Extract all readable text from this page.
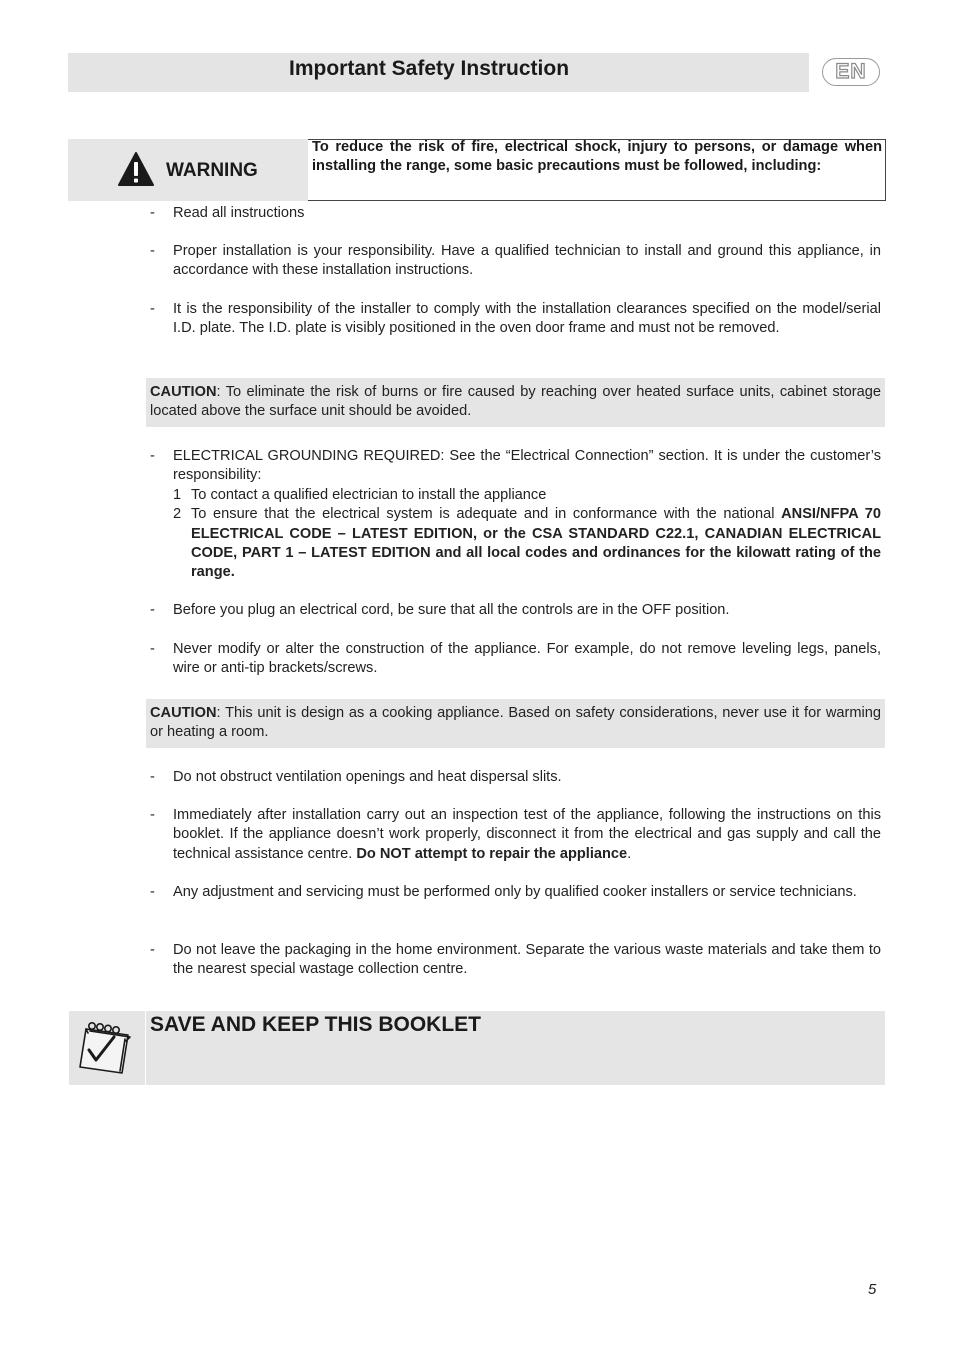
Important Safety Instruction	EN
WARNING
To reduce the risk of fire, electrical shock, injury to persons, or damage when installing the range, some basic precautions must be followed, including:
- Read all instructions
- Proper installation is your responsibility. Have a qualified technician to install and ground this appliance, in accordance with these installation instructions.
- It is the responsibility of the installer to comply with the installation clearances specified on the model/serial I.D. plate. The I.D. plate is visibly positioned in the oven door frame and must not be removed.
CAUTION: To eliminate the risk of burns or fire caused by reaching over heated surface units, cabinet storage located above the surface unit should be avoided.
- ELECTRICAL GROUNDING REQUIRED: See the “Electrical Connection” section. It is under the customer’s responsibility:
1 To contact a qualified electrician to install the appliance
2 To ensure that the electrical system is adequate and in conformance with the national ANSI/NFPA 70 ELECTRICAL CODE – LATEST EDITION, or the CSA STANDARD C22.1, CANADIAN ELECTRICAL CODE, PART 1 – LATEST EDITION and all local codes and ordinances for the kilowatt rating of the range.
- Before you plug an electrical cord, be sure that all the controls are in the OFF position.
- Never modify or alter the construction of the appliance. For example, do not remove leveling legs, panels, wire or anti-tip brackets/screws.
CAUTION: This unit is design as a cooking appliance. Based on safety considerations, never use it for warming or heating a room.
- Do not obstruct ventilation openings and heat dispersal slits.
- Immediately after installation carry out an inspection test of the appliance, following the instructions on this booklet. If the appliance doesn’t work properly, disconnect it from the electrical and gas supply and call the technical assistance centre. Do NOT attempt to repair the appliance.
- Any adjustment and servicing must be performed only by qualified cooker installers or service technicians.
- Do not leave the packaging in the home environment. Separate the various waste materials and take them to the nearest special wastage collection centre.
SAVE AND KEEP THIS BOOKLET
5
